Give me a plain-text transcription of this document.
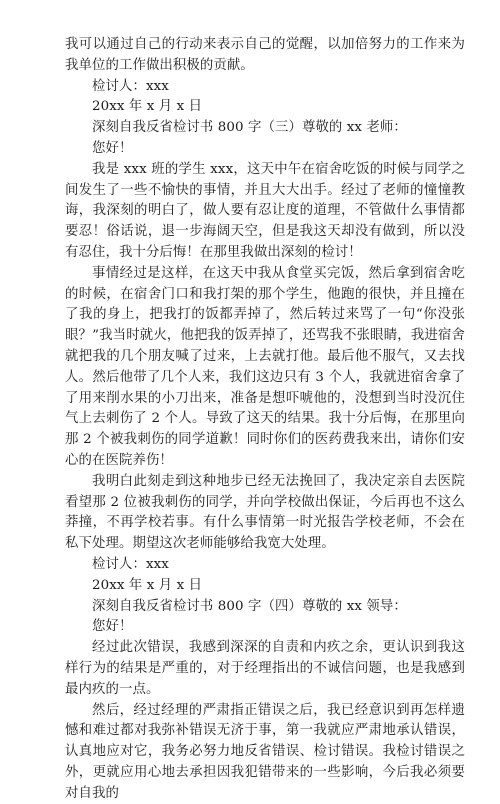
我可以通过自己的行动来表示自己的觉醒，以加倍努力的工作来为我单位的工作做出积极的贡献。

检讨人：xxx

20xx 年 x 月 x 日

深刻自我反省检讨书 800 字（三）尊敬的 xx 老师：

您好！

我是 xxx 班的学生 xxx，这天中午在宿舍吃饭的时候与同学之间发生了一些不愉快的事情，并且大大出手。经过了老师的憧憧教诲，我深刻的明白了，做人要有忍让度的道理，不管做什么事情都要忍！俗话说，退一步海阔天空，但是我这天却没有做到，所以没有忍住，我十分后悔！在那里我做出深刻的检讨！

事情经过是这样，在这天中我从食堂买完饭，然后拿到宿舍吃的时候，在宿舍门口和我打架的那个学生，他跑的很快，并且撞在了我的身上，把我打的饭都弄掉了，然后转过来骂了一句“你没张眼？”我当时就火，他把我的饭弄掉了，还骂我不张眼睛，我进宿舍就把我的几个朋友喊了过来，上去就打他。最后他不服气，又去找人。然后他带了几个人来，我们这边只有 3 个人，我就进宿舍拿了了用来削水果的小刀出来，准备是想吓唬他的，没想到当时没沉住气上去刺伤了 2 个人。导致了这天的结果。我十分后悔，在那里向那 2 个被我刺伤的同学道歉！同时你们的医药费我来出，请你们安心的在医院养伤！

我明白此刻走到这种地步已经无法挽回了，我决定亲自去医院看望那 2 位被我刺伤的同学，并向学校做出保证，今后再也不这么莽撞，不再学校若事。有什么事情第一时光报告学校老师，不会在私下处理。期望这次老师能够给我宽大处理。

检讨人：xxx

20xx 年 x 月 x 日

深刻自我反省检讨书 800 字（四）尊敬的 xx 领导：

您好！

经过此次错误，我感到深深的自责和内疚之余，更认识到我这样行为的结果是严重的，对于经理指出的不诚信问题，也是我感到最内疚的一点。

然后，经过经理的严肃指正错误之后，我已经意识到再怎样遗憾和难过都对我弥补错误无济于事，第一我就应严肃地承认错误，认真地应对它，我务必努力地反省错误、检讨错误。我检讨错误之外，更就应用心地去承担因我犯错带来的一些影响，今后我必须要对自我的
